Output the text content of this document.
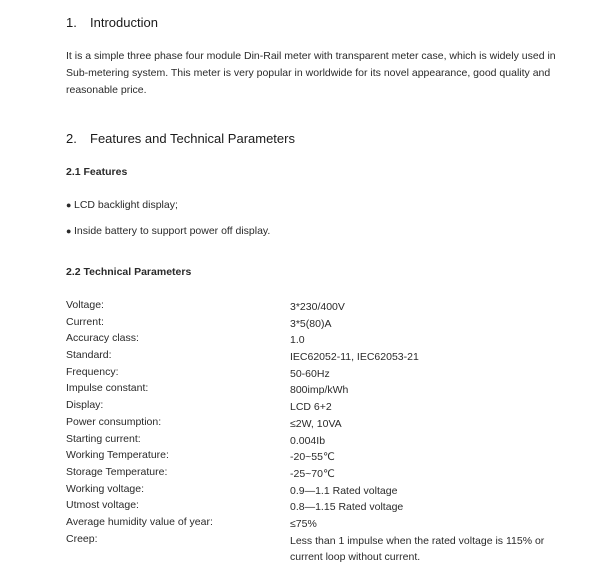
1. Introduction
It is a simple three phase four module Din-Rail meter with transparent meter case, which is widely used in Sub-metering system. This meter is very popular in worldwide for its novel appearance, good quality and reasonable price.
2. Features and Technical Parameters
2.1 Features
● LCD backlight display;
● Inside battery to support power off display.
2.2 Technical Parameters
Voltage:	3*230/400V
Current:	3*5(80)A
Accuracy class:	1.0
Standard:	IEC62052-11, IEC62053-21
Frequency:	50-60Hz
Impulse constant:	800imp/kWh
Display:	LCD 6+2
Power consumption:	≤2W, 10VA
Starting current:	0.004Ib
Working Temperature:	-20~55℃
Storage Temperature:	-25~70℃
Working voltage:	0.9—1.1 Rated voltage
Utmost voltage:	0.8—1.15 Rated voltage
Average humidity value of year:	≤75%
Creep:	Less than 1 impulse when the rated voltage is 115% or current loop without current.
